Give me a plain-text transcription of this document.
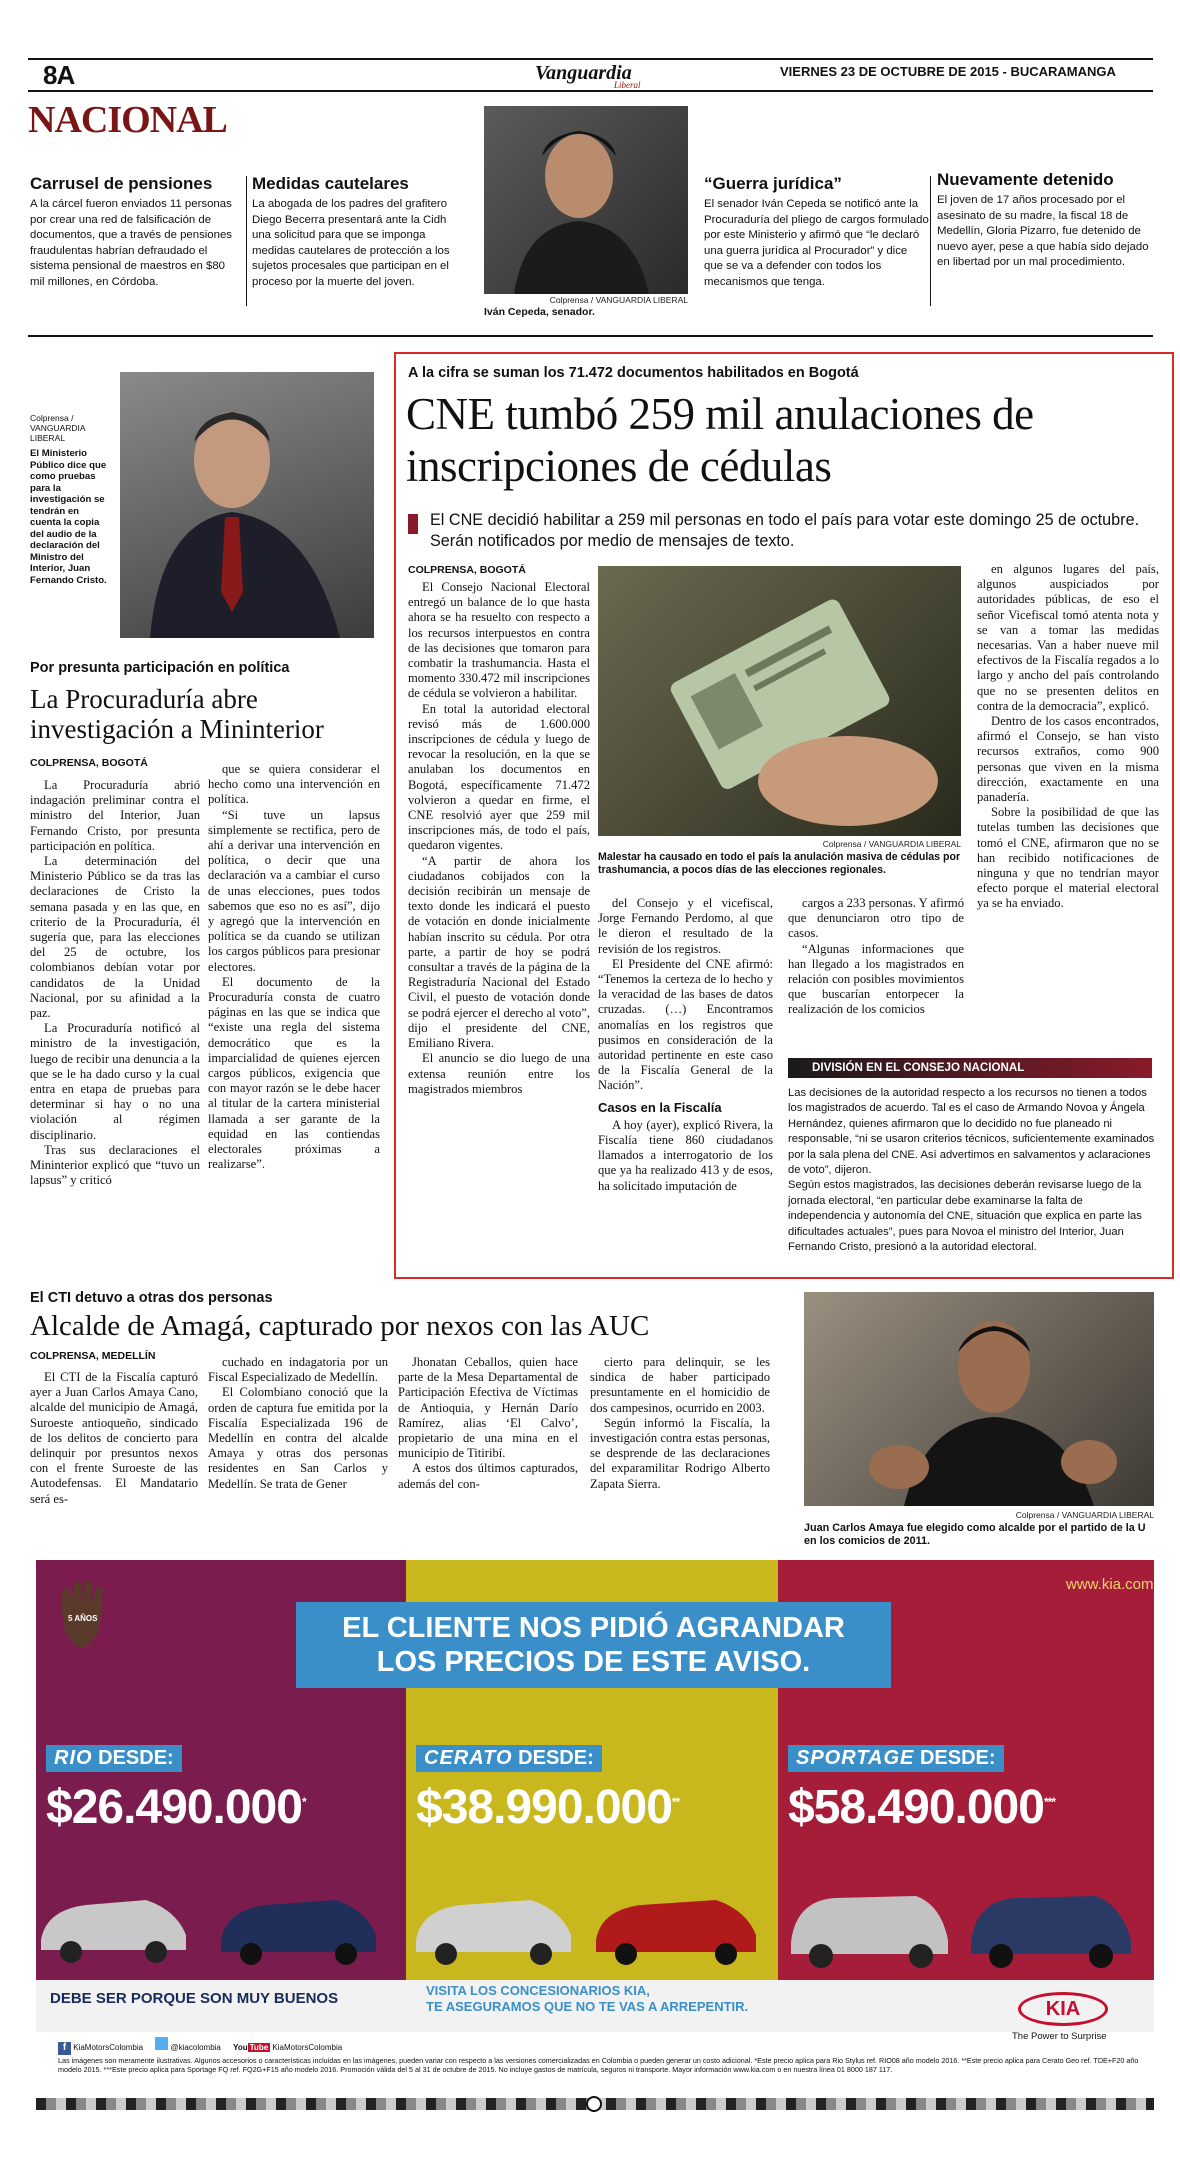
8A	Vanguardia
Liberal
VIERNES 23 DE OCTUBRE DE 2015 - BUCARAMANGA
NACIONAL
Carrusel de pensiones

A la cárcel fueron enviados 11 personas por crear una red de falsificación de documentos, que a través de pensiones fraudulentas habrían defraudado el sistema pensional de maestros en $80 mil millones, en Córdoba.

Medidas cautelares

La abogada de los padres del grafitero Diego Becerra presentará ante la Cidh una solicitud para que se imponga medidas cautelares de protección a los sujetos procesales que participan en el proceso por la muerte del joven.

Colprensa / VANGUARDIA LIBERAL
Iván Cepeda, senador.
“Guerra jurídica”

El senador Iván Cepeda se notificó ante la Procuraduría del pliego de cargos formulado por este Ministerio y afirmó que “le declaró una guerra jurídica al Procurador” y dice que se va a defender con todos los mecanismos que tenga.

Nuevamente detenido

El joven de 17 años procesado por el asesinato de su madre, la fiscal 18 de Medellín, Gloria Pizarro, fue detenido de nuevo ayer, pese a que había sido dejado en libertad por un mal procedimiento.

Colprensa / VANGUARDIA LIBERAL
El Ministerio Público dice que como pruebas para la investigación se tendrán en cuenta la copia del audio de la declaración del Ministro del Interior, Juan Fernando Cristo.
Por presunta participación en política
La Procuraduría abre investigación a Mininterior
COLPRENSA, BOGOTÁ

La Procuraduría abrió indagación preliminar contra el ministro del Interior, Juan Fernando Cristo, por presunta participación en política.

La determinación del Ministerio Público se da tras las declaraciones de Cristo la semana pasada y en las que, en criterio de la Procuraduría, él sugería que, para las elecciones del 25 de octubre, los colombianos debían votar por candidatos de la Unidad Nacional, por su afinidad a la paz.

La Procuraduría notificó al ministro de la investigación, luego de recibir una denuncia a la que se le ha dado curso y la cual entra en etapa de pruebas para determinar si hay o no una violación al régimen disciplinario.

Tras sus declaraciones el Mininterior explicó que “tuvo un lapsus” y criticó

que se quiera considerar el hecho como una intervención en política.

“Si tuve un lapsus simplemente se rectifica, pero de ahí a derivar una intervención en política, o decir que una declaración va a cambiar el curso de unas elecciones, pues todos sabemos que eso no es así”, dijo y agregó que la intervención en política se da cuando se utilizan los cargos públicos para presionar electores.

El documento de la Procuraduría consta de cuatro páginas en las que se indica que “existe una regla del sistema democrático que es la imparcialidad de quienes ejercen cargos públicos, exigencia que con mayor razón se le debe hacer al titular de la cartera ministerial llamada a ser garante de la equidad en las contiendas electorales próximas a realizarse”.

A la cifra se suman los 71.472 documentos habilitados en Bogotá
CNE tumbó 259 mil anulaciones de inscripciones de cédulas
El CNE decidió habilitar a 259 mil personas en todo el país para votar este domingo 25 de octubre. Serán notificados por medio de mensajes de texto.
COLPRENSA, BOGOTÁ

El Consejo Nacional Electoral entregó un balance de lo que hasta ahora se ha resuelto con respecto a los recursos interpuestos en contra de las decisiones que tomaron para combatir la trashumancia. Hasta el momento 330.472 mil inscripciones de cédula se volvieron a habilitar.

En total la autoridad electoral revisó más de 1.600.000 inscripciones de cédula y luego de revocar la resolución, en la que se anulaban los documentos en Bogotá, específicamente 71.472 volvieron a quedar en firme, el CNE resolvió ayer que 259 mil inscripciones más, de todo el país, quedaron vigentes.

“A partir de ahora los ciudadanos cobijados con la decisión recibirán un mensaje de texto donde les indicará el puesto de votación en donde inicialmente habían inscrito su cédula. Por otra parte, a partir de hoy se podrá consultar a través de la página de la Registraduría Nacional del Estado Civil, el puesto de votación donde se podrá ejercer el derecho al voto”, dijo el presidente del CNE, Emiliano Rivera.

El anuncio se dio luego de una extensa reunión entre los magistrados miembros

Colprensa / VANGUARDIA LIBERAL
Malestar ha causado en todo el país la anulación masiva de cédulas por trashumancia, a pocos días de las elecciones regionales.

del Consejo y el vicefiscal, Jorge Fernando Perdomo, al que le dieron el resultado de la revisión de los registros.

El Presidente del CNE afirmó: “Tenemos la certeza de lo hecho y la veracidad de las bases de datos cruzadas. (…) Encontramos anomalías en los registros que pusimos en consideración de la autoridad pertinente en este caso de la Fiscalía General de la Nación”.

Casos en la Fiscalía

A hoy (ayer), explicó Rivera, la Fiscalía tiene 860 ciudadanos llamados a interrogatorio de los que ya ha realizado 413 y de esos, ha solicitado imputación de

cargos a 233 personas. Y afirmó que denunciaron otro tipo de casos.

“Algunas informaciones que han llegado a los magistrados en relación con posibles movimientos que buscarían entorpecer la realización de los comicios

en algunos lugares del país, algunos auspiciados por autoridades públicas, de eso el señor Vicefiscal tomó atenta nota y se van a tomar las medidas necesarias. Van a haber nueve mil efectivos de la Fiscalía regados a lo largo y ancho del país controlando que no se presenten delitos en contra de la democracia”, explicó.

Dentro de los casos encontrados, afirmó el Consejo, se han visto recursos extraños, como 900 personas que viven en la misma dirección, exactamente en una panadería.

Sobre la posibilidad de que las tutelas tumben las decisiones que tomó el CNE, afirmaron que no se han recibido notificaciones de ninguna y que no tendrían mayor efecto porque el material electoral ya se ha enviado.

DIVISIÓN EN EL CONSEJO NACIONAL

Las decisiones de la autoridad respecto a los recursos no tienen a todos los magistrados de acuerdo. Tal es el caso de Armando Novoa y Ángela Hernández, quienes afirmaron que lo decidido no fue planeado ni responsable, “ni se usaron criterios técnicos, suficientemente examinados por la sala plena del CNE. Así advertimos en salvamentos y aclaraciones de voto”, dijeron.

Según estos magistrados, las decisiones deberán revisarse luego de la jornada electoral, “en particular debe examinarse la falta de independencia y autonomía del CNE, situación que explica en parte las dificultades actuales”, pues para Novoa el ministro del Interior, Juan Fernando Cristo, presionó a la autoridad electoral.

El CTI detuvo a otras dos personas
Alcalde de Amagá, capturado por nexos con las AUC
COLPRENSA, MEDELLÍN

El CTI de la Fiscalía capturó ayer a Juan Carlos Amaya Cano, alcalde del municipio de Amagá, Suroeste antioqueño, sindicado de los delitos de concierto para delinquir por presuntos nexos con el frente Suroeste de las Autodefensas. El Mandatario será es-

cuchado en indagatoria por un Fiscal Especializado de Medellín.

El Colombiano conoció que la orden de captura fue emitida por la Fiscalía Especializada 196 de Medellín en contra del alcalde Amaya y otras dos personas residentes en San Carlos y Medellín. Se trata de Gener

Jhonatan Ceballos, quien hace parte de la Mesa Departamental de Participación Efectiva de Víctimas de Antioquia, y Hernán Darío Ramírez, alias ‘El Calvo’, propietario de una mina en el municipio de Titiribí.

A estos dos últimos capturados, además del con-

cierto para delinquir, se les sindica de haber participado presuntamente en el homicidio de dos campesinos, ocurrido en 2003.

Según informó la Fiscalía, la investigación contra estas personas, se desprende de las declaraciones del exparamilitar Rodrigo Alberto Zapata Sierra.

Colprensa / VANGUARDIA LIBERAL
Juan Carlos Amaya fue elegido como alcalde por el partido de la U en los comicios de 2011.
5 AÑOS
www.kia.com
EL CLIENTE NOS PIDIÓ AGRANDAR
LOS PRECIOS DE ESTE AVISO.
RIO DESDE:
$26.490.000*
CERATO DESDE:
$38.990.000**
SPORTAGE DESDE:
$58.490.000***
DEBE SER PORQUE SON MUY BUENOS	VISITA LOS CONCESIONARIOS KIA,
TE ASEGURAMOS QUE NO TE VAS A ARREPENTIR.	KIA
The Power to Surprise
f KiaMotorsColombia	@kiacolombia You Tube KiaMotorsColombia
Las imágenes son meramente ilustrativas. Algunos accesorios o características incluidas en las imágenes, pueden variar con respecto a las versiones comercializadas en Colombia o pueden generar un costo adicional. *Este precio aplica para Rio Stylus ref. RIO08 año modelo 2016. **Este precio aplica para Cerato Geo ref. TDE+F20 año modelo 2015. ***Este precio aplica para Sportage FQ ref. FQ2G+F15 año modelo 2016. Promoción válida del 5 al 31 de octubre de 2015. No incluye gastos de matrícula, seguros ni transporte. Mayor información www.kia.com o en nuestra línea 01 8000 187 117.
